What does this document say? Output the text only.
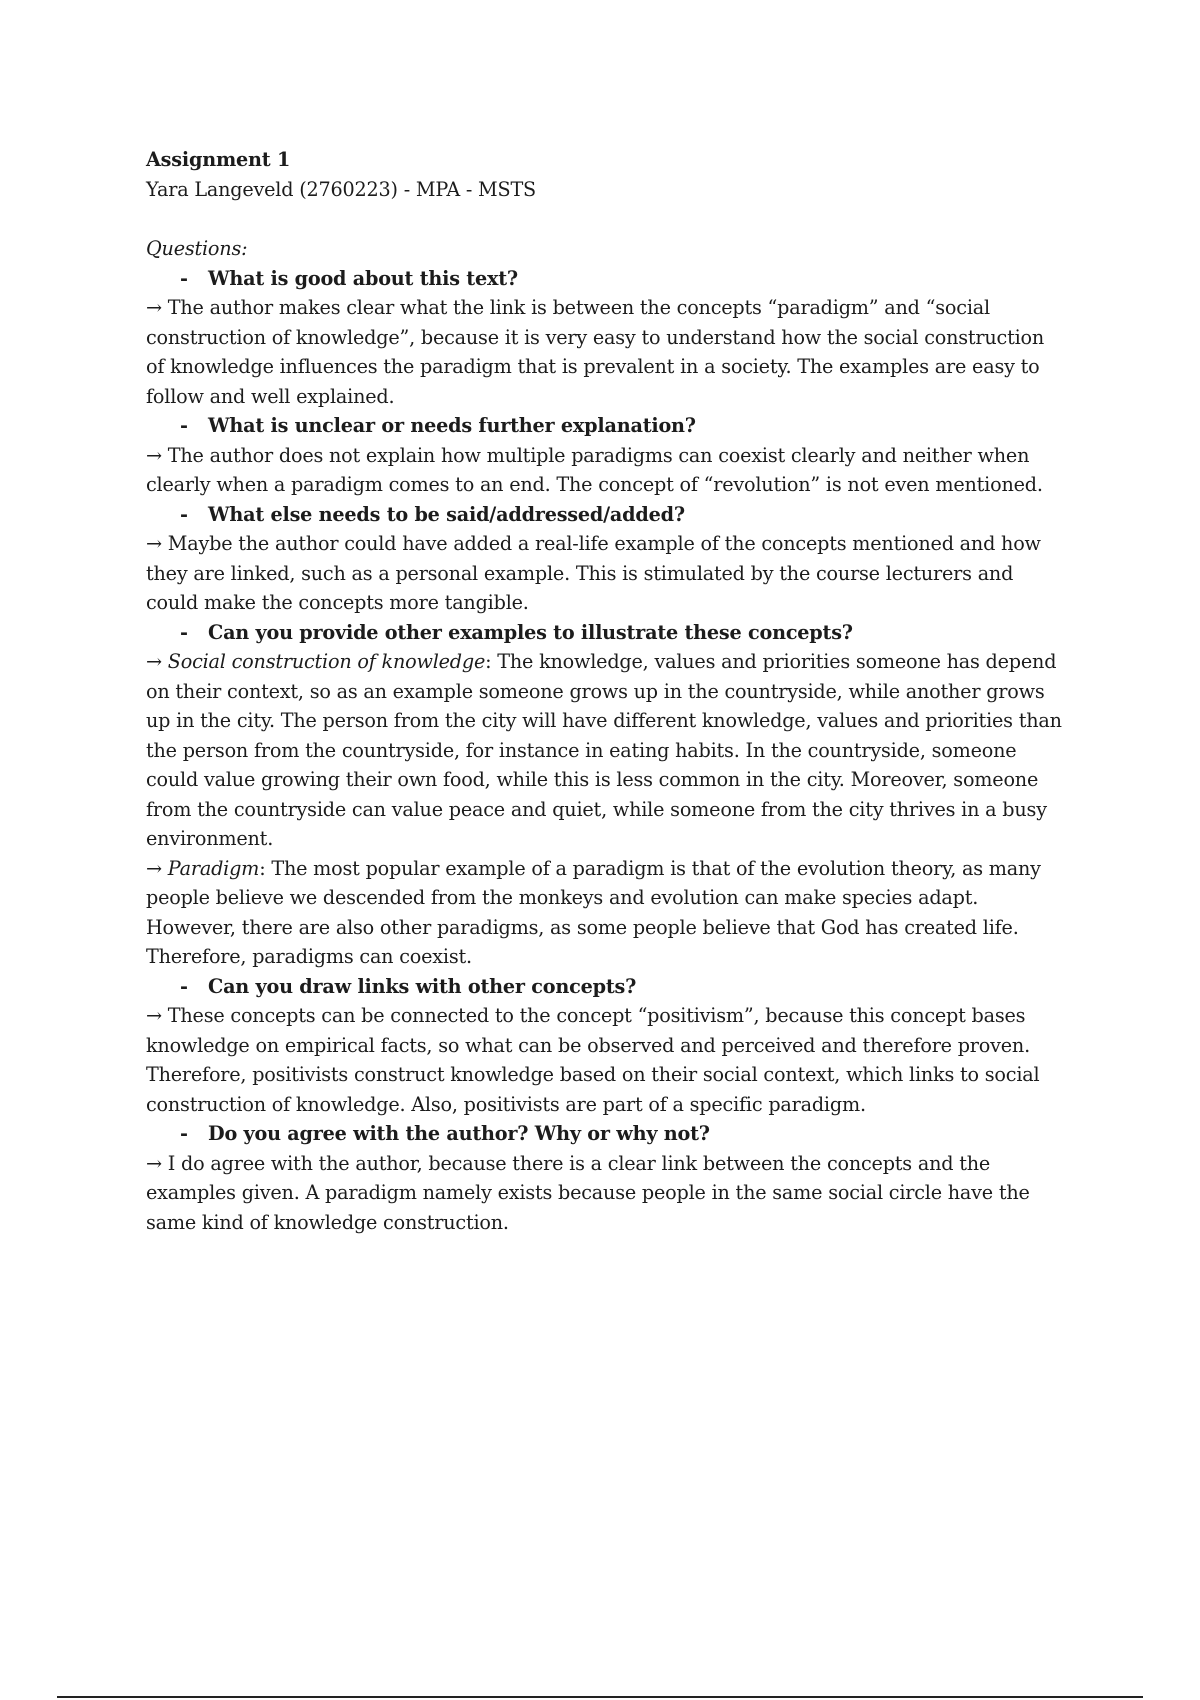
Assignment 1
Yara Langeveld (2760223) - MPA - MSTS
Questions:
-	What is good about this text?

→ The author makes clear what the link is between the concepts “paradigm” and “social construction of knowledge”, because it is very easy to understand how the social construction of knowledge influences the paradigm that is prevalent in a society. The examples are easy to follow and well explained.

-	What is unclear or needs further explanation?

→ The author does not explain how multiple paradigms can coexist clearly and neither when clearly when a paradigm comes to an end. The concept of “revolution” is not even mentioned.

-	What else needs to be said/addressed/added?

→ Maybe the author could have added a real-life example of the concepts mentioned and how they are linked, such as a personal example. This is stimulated by the course lecturers and could make the concepts more tangible.

-	Can you provide other examples to illustrate these concepts?

→ Social construction of knowledge: The knowledge, values and priorities someone has depend on their context, so as an example someone grows up in the countryside, while another grows up in the city. The person from the city will have different knowledge, values and priorities than the person from the countryside, for instance in eating habits. In the countryside, someone could value growing their own food, while this is less common in the city. Moreover, someone from the countryside can value peace and quiet, while someone from the city thrives in a busy environment.

→ Paradigm: The most popular example of a paradigm is that of the evolution theory, as many people believe we descended from the monkeys and evolution can make species adapt. However, there are also other paradigms, as some people believe that God has created life. Therefore, paradigms can coexist.

-	Can you draw links with other concepts?

→ These concepts can be connected to the concept “positivism”, because this concept bases knowledge on empirical facts, so what can be observed and perceived and therefore proven. Therefore, positivists construct knowledge based on their social context, which links to social construction of knowledge. Also, positivists are part of a specific paradigm.

-	Do you agree with the author? Why or why not?

→ I do agree with the author, because there is a clear link between the concepts and the examples given. A paradigm namely exists because people in the same social circle have the same kind of knowledge construction.
